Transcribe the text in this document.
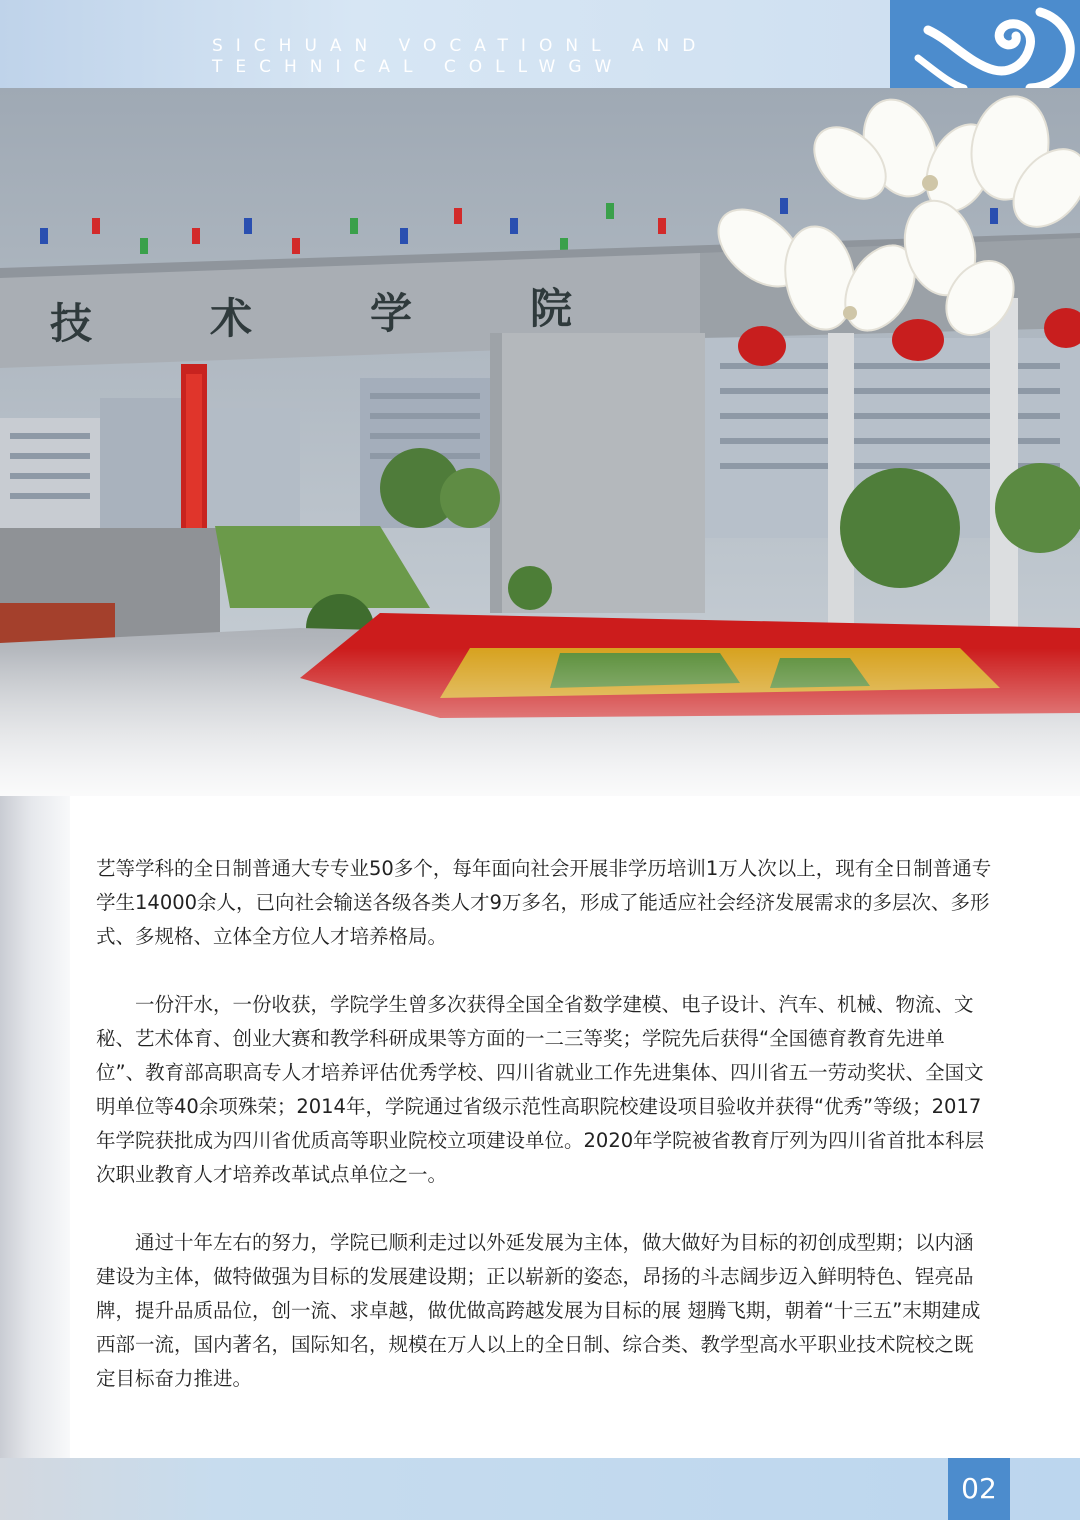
SICHUAN VOCATIONL AND TECHNICAL COLLWGW
技	术	学	院

艺等学科的全日制普通大专专业50多个，每年面向社会开展非学历培训1万人次以上，现有全日制普通专学生14000余人，已向社会输送各级各类人才9万多名，形成了能适应社会经济发展需求的多层次、多形式、多规格、立体全方位人才培养格局。

一份汗水，一份收获，学院学生曾多次获得全国全省数学建模、电子设计、汽车、机械、物流、文秘、艺术体育、创业大赛和教学科研成果等方面的一二三等奖；学院先后获得“全国德育教育先进单位”、教育部高职高专人才培养评估优秀学校、四川省就业工作先进集体、四川省五一劳动奖状、全国文明单位等40余项殊荣；2014年，学院通过省级示范性高职院校建设项目验收并获得“优秀”等级；2017年学院获批成为四川省优质高等职业院校立项建设单位。2020年学院被省教育厅列为四川省首批本科层次职业教育人才培养改革试点单位之一。

通过十年左右的努力，学院已顺利走过以外延发展为主体，做大做好为目标的初创成型期；以内涵建设为主体，做特做强为目标的发展建设期；正以崭新的姿态，昂扬的斗志阔步迈入鲜明特色、锃亮品牌，提升品质品位，创一流、求卓越，做优做高跨越发展为目标的展 翅腾飞期，朝着“十三五”末期建成西部一流，国内著名，国际知名，规模在万人以上的全日制、综合类、教学型高水平职业技术院校之既定目标奋力推进。

02
